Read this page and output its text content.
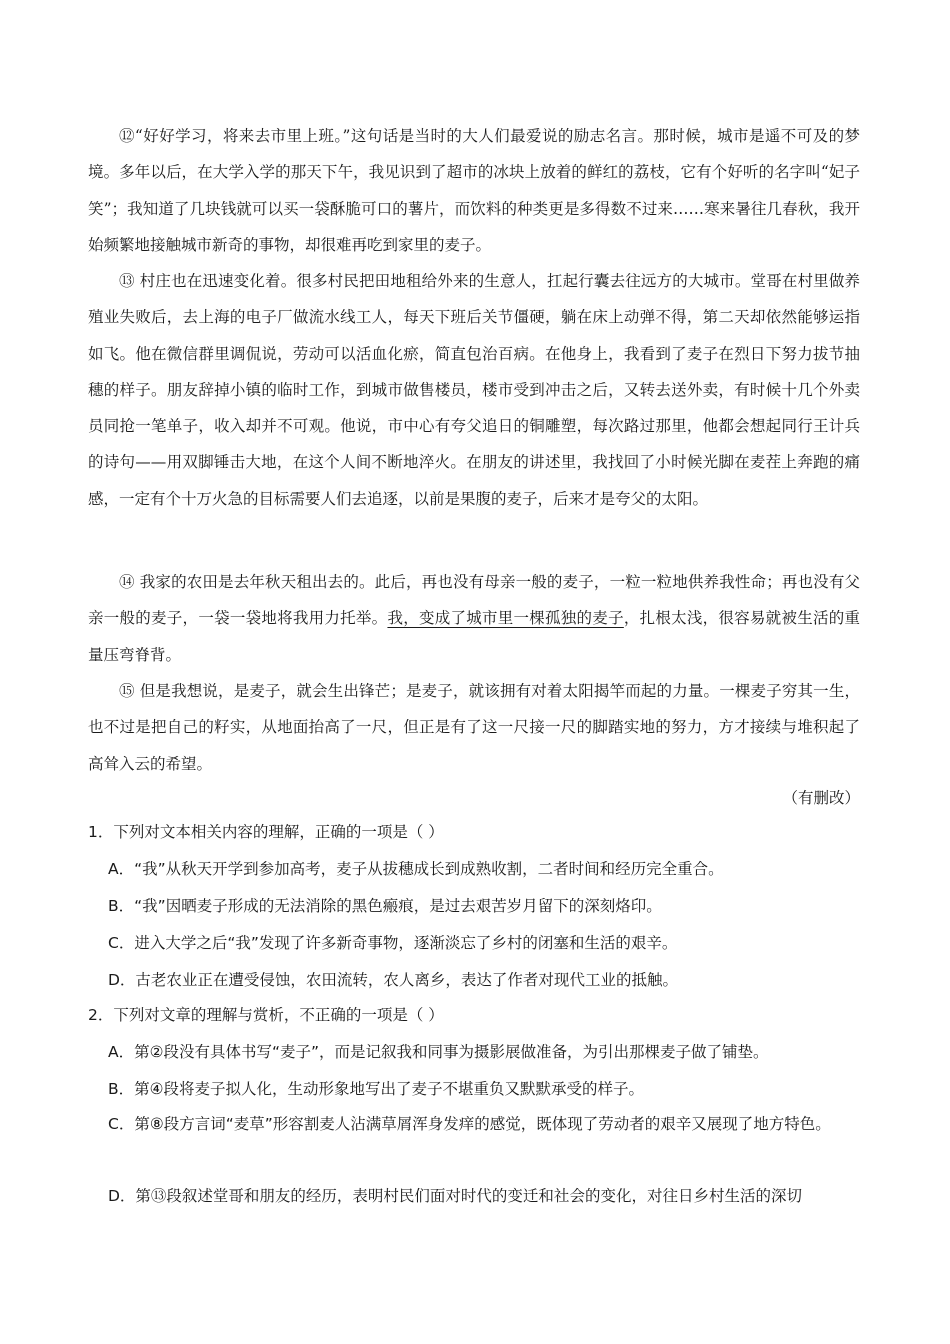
⑫“好好学习，将来去市里上班。”这句话是当时的大人们最爱说的励志名言。那时候，城市是遥不可及的梦境。多年以后，在大学入学的那天下午，我见识到了超市的冰块上放着的鲜红的荔枝，它有个好听的名字叫“妃子笑”；我知道了几块钱就可以买一袋酥脆可口的薯片，而饮料的种类更是多得数不过来……寒来暑往几春秋，我开始频繁地接触城市新奇的事物，却很难再吃到家里的麦子。

⑬ 村庄也在迅速变化着。很多村民把田地租给外来的生意人，扛起行囊去往远方的大城市。堂哥在村里做养殖业失败后，去上海的电子厂做流水线工人，每天下班后关节僵硬，躺在床上动弹不得，第二天却依然能够运指如飞。他在微信群里调侃说，劳动可以活血化瘀，简直包治百病。在他身上，我看到了麦子在烈日下努力拔节抽穗的样子。朋友辞掉小镇的临时工作，到城市做售楼员，楼市受到冲击之后，又转去送外卖，有时候十几个外卖员同抢一笔单子，收入却并不可观。他说，市中心有夸父追日的铜雕塑，每次路过那里，他都会想起同行王计兵的诗句——用双脚锤击大地，在这个人间不断地淬火。在朋友的讲述里，我找回了小时候光脚在麦茬上奔跑的痛感，一定有个十万火急的目标需要人们去追逐，以前是果腹的麦子，后来才是夸父的太阳。

⑭ 我家的农田是去年秋天租出去的。此后，再也没有母亲一般的麦子，一粒一粒地供养我性命；再也没有父亲一般的麦子，一袋一袋地将我用力托举。我，变成了城市里一棵孤独的麦子，扎根太浅，很容易就被生活的重量压弯脊背。

⑮ 但是我想说，是麦子，就会生出锋芒；是麦子，就该拥有对着太阳揭竿而起的力量。一棵麦子穷其一生，也不过是把自己的籽实，从地面抬高了一尺，但正是有了这一尺接一尺的脚踏实地的努力，方才接续与堆积起了高耸入云的希望。

（有删改）

1．下列对文本相关内容的理解，正确的一项是（ ）

A．“我”从秋天开学到参加高考，麦子从拔穗成长到成熟收割，二者时间和经历完全重合。

B．“我”因晒麦子形成的无法消除的黑色瘢痕，是过去艰苦岁月留下的深刻烙印。

C．进入大学之后“我”发现了许多新奇事物，逐渐淡忘了乡村的闭塞和生活的艰辛。

D．古老农业正在遭受侵蚀，农田流转，农人离乡，表达了作者对现代工业的抵触。

2．下列对文章的理解与赏析，不正确的一项是（ ）

A．第②段没有具体书写“麦子”，而是记叙我和同事为摄影展做准备，为引出那棵麦子做了铺垫。

B．第④段将麦子拟人化，生动形象地写出了麦子不堪重负又默默承受的样子。

C．第⑧段方言词“麦草”形容割麦人沾满草屑浑身发痒的感觉，既体现了劳动者的艰辛又展现了地方特色。

D．第⑬段叙述堂哥和朋友的经历，表明村民们面对时代的变迁和社会的变化，对往日乡村生活的深切
